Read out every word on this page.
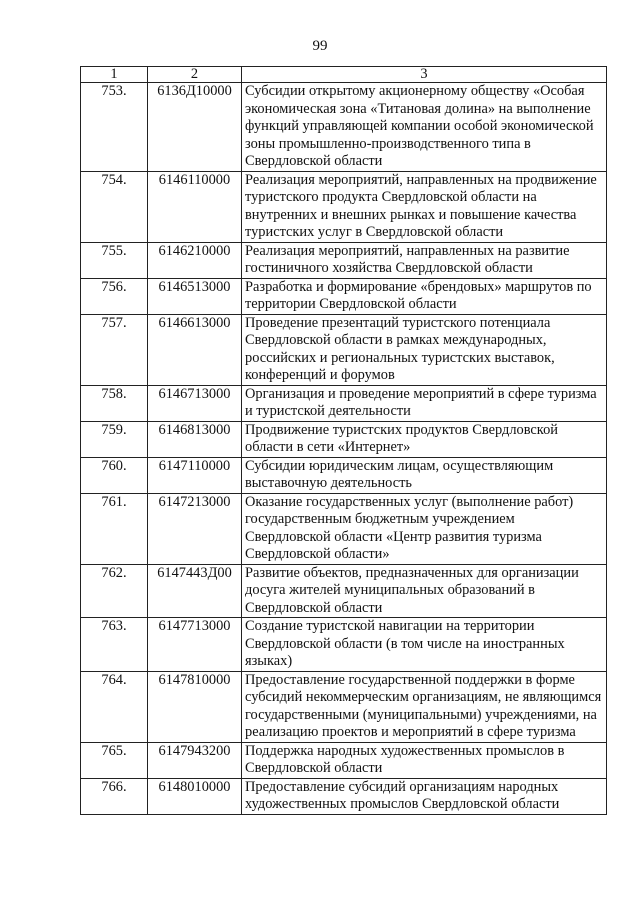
99
1	2	3
753.	6136Д10000	Субсидии открытому акционерному обществу «Особая экономическая зона «Титановая долина» на выполнение функций управляющей компании особой экономической зоны промышленно-производственного типа в Свердловской области
754.	6146110000	Реализация мероприятий, направленных на продвижение туристского продукта Свердловской области на внутренних и внешних рынках и повышение качества туристских услуг в Свердловской области
755.	6146210000	Реализация мероприятий, направленных на развитие гостиничного хозяйства Свердловской области
756.	6146513000	Разработка и формирование «брендовых» маршрутов по территории Свердловской области
757.	6146613000	Проведение презентаций туристского потенциала Свердловской области в рамках международных, российских и региональных туристских выставок, конференций и форумов
758.	6146713000	Организация и проведение мероприятий в сфере туризма и туристской деятельности
759.	6146813000	Продвижение туристских продуктов Свердловской области в сети «Интернет»
760.	6147110000	Субсидии юридическим лицам, осуществляющим выставочную деятельность
761.	6147213000	Оказание государственных услуг (выполнение работ) государственным бюджетным учреждением Свердловской области «Центр развития туризма Свердловской области»
762.	6147443Д00	Развитие объектов, предназначенных для организации досуга жителей муниципальных образований в Свердловской области
763.	6147713000	Создание туристской навигации на территории Свердловской области (в том числе на иностранных языках)
764.	6147810000	Предоставление государственной поддержки в форме субсидий некоммерческим организациям, не являющимся государственными (муниципальными) учреждениями, на реализацию проектов и мероприятий в сфере туризма
765.	6147943200	Поддержка народных художественных промыслов в Свердловской области
766.	6148010000	Предоставление субсидий организациям народных художественных промыслов Свердловской области
